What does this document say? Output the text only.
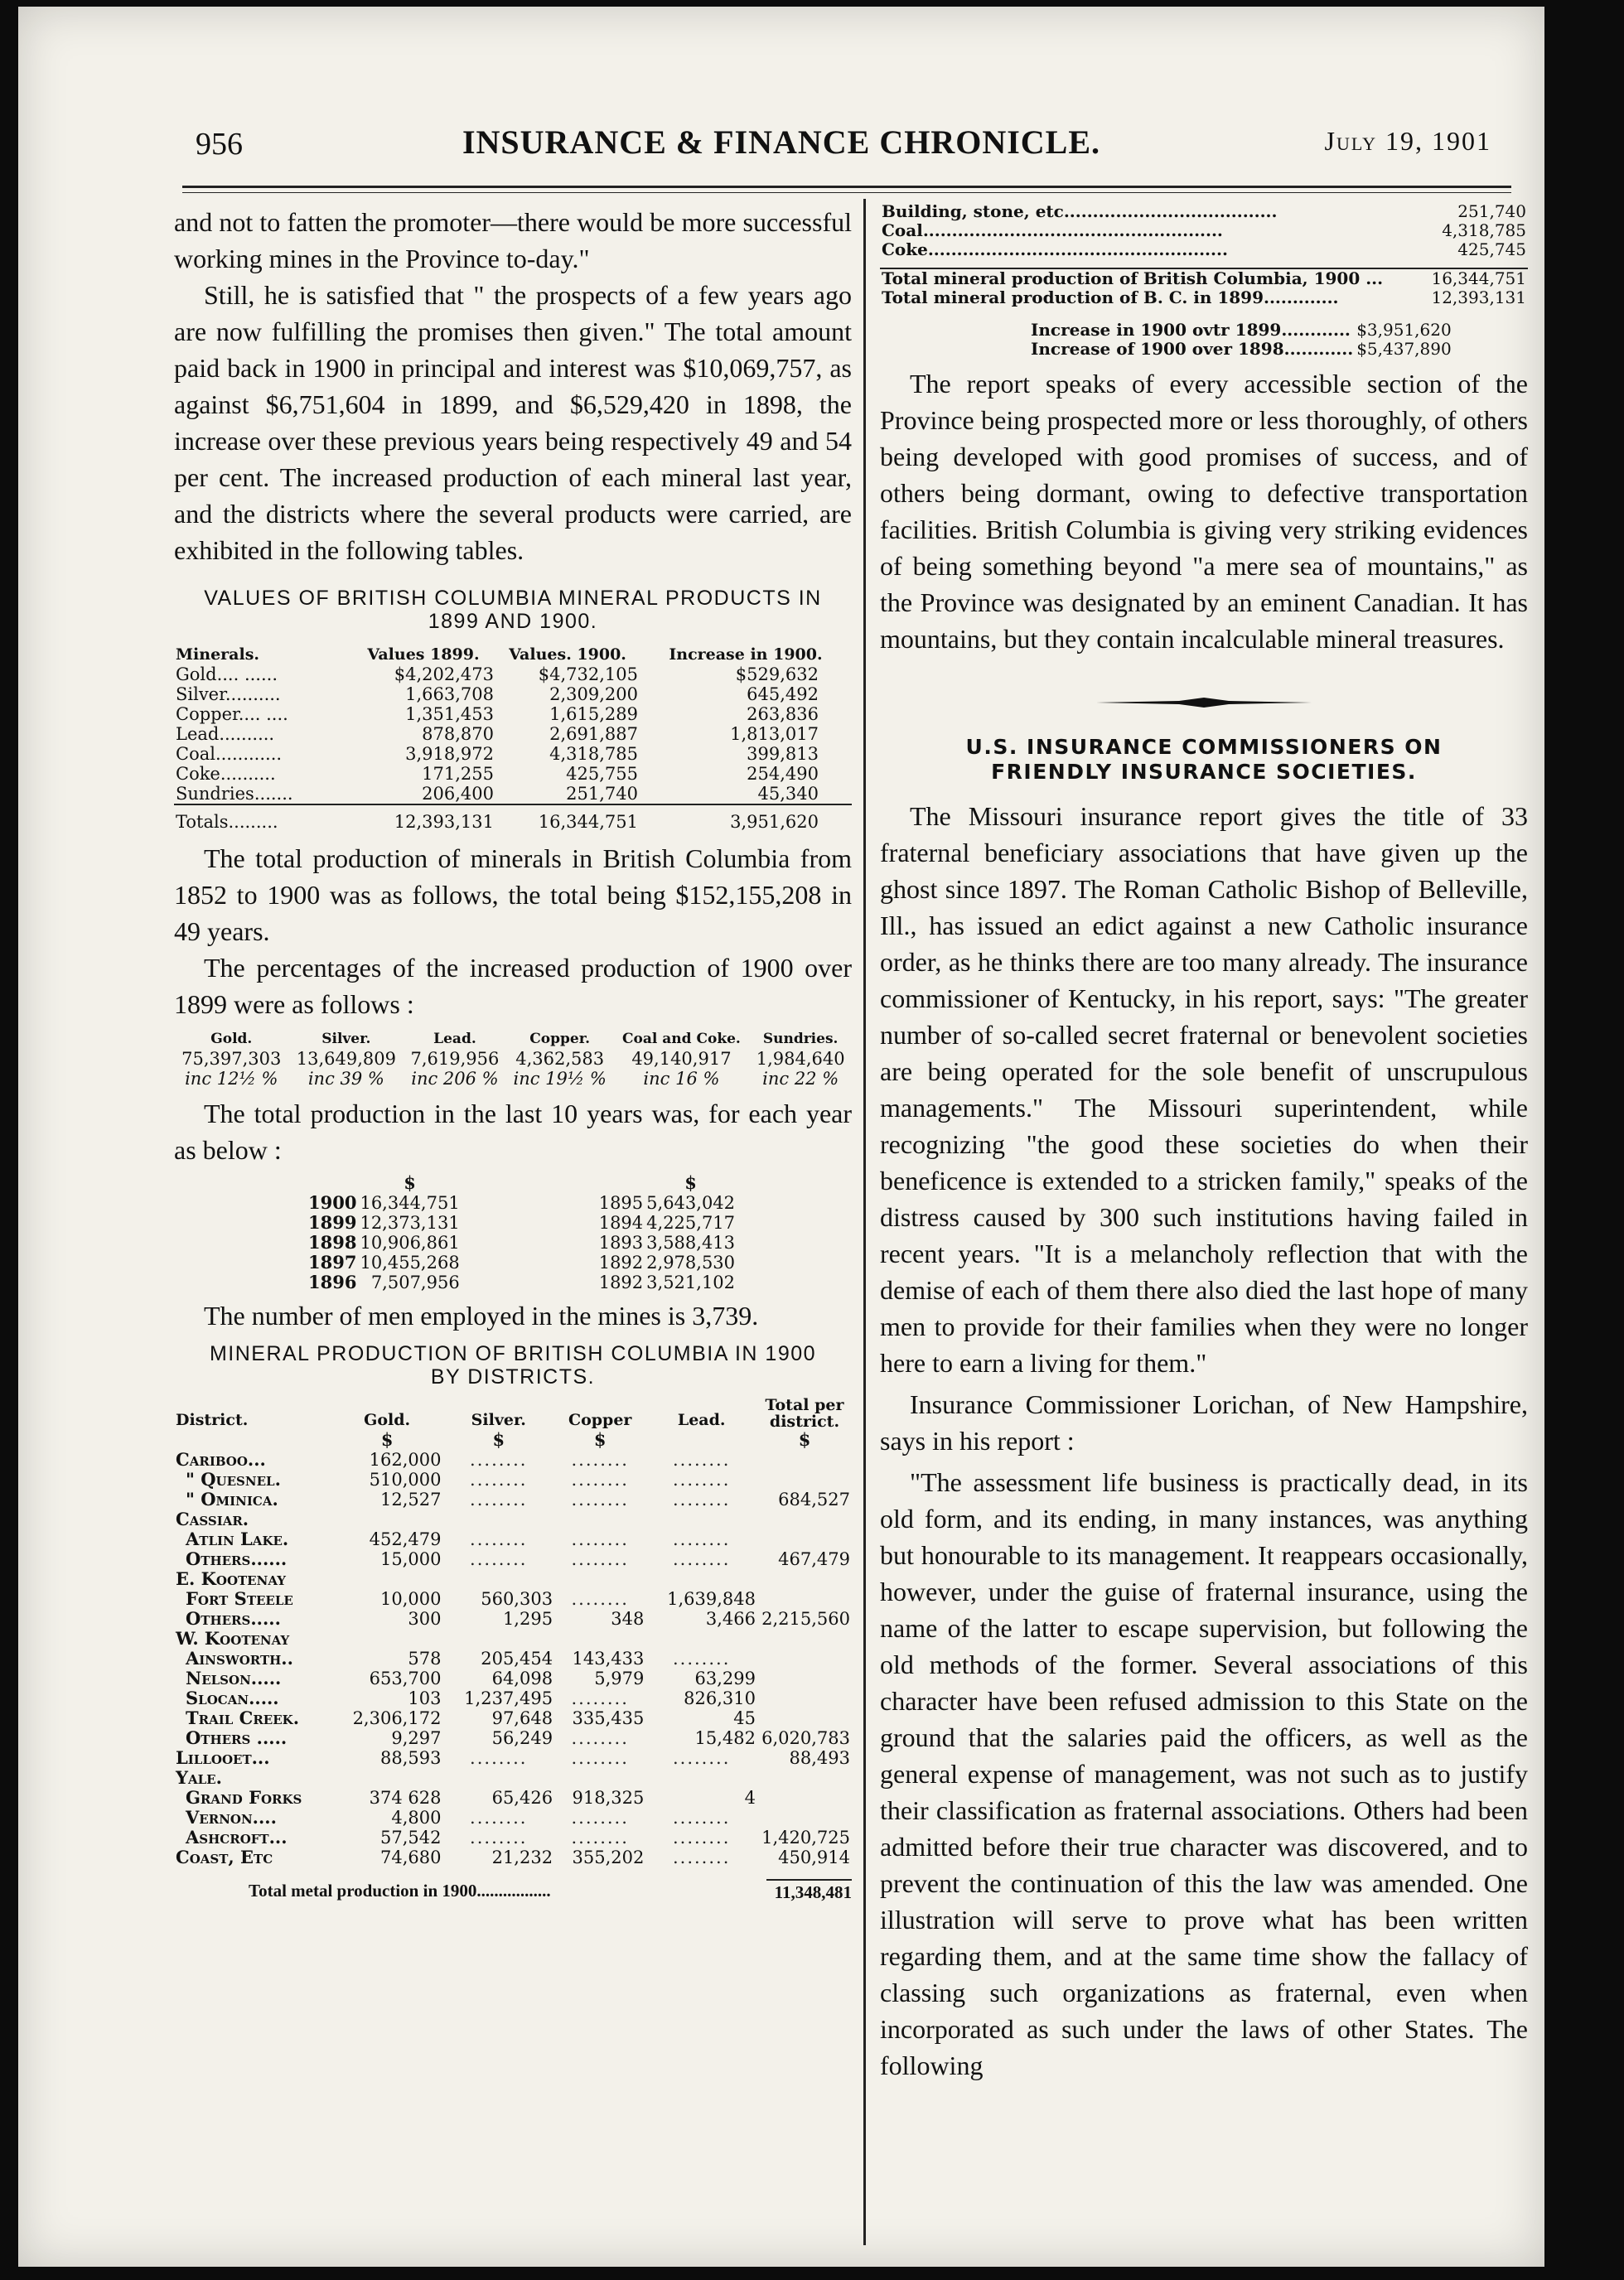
956	INSURANCE & FINANCE CHRONICLE.	July 19, 1901

and not to fatten the promoter—there would be more successful working mines in the Province to-day."

Still, he is satisfied that " the prospects of a few years ago are now fulfilling the promises then given." The total amount paid back in 1900 in principal and interest was $10,069,757, as against $6,751,604 in 1899, and $6,529,420 in 1898, the increase over these previous years being respectively 49 and 54 per cent. The increased production of each mineral last year, and the districts where the several products were carried, are exhibited in the following tables.

VALUES OF BRITISH COLUMBIA MINERAL PRODUCTS IN 1899 AND 1900.
Minerals.	Values 1899.	Values. 1900.	Increase in 1900.
Gold.... ......	$4,202,473	$4,732,105	$529,632
Silver..........	1,663,708	2,309,200	645,492
Copper.... ....	1,351,453	1,615,289	263,836
Lead..........	878,870	2,691,887	1,813,017
Coal............	3,918,972	4,318,785	399,813
Coke..........	171,255	425,755	254,490
Sundries.......	206,400	251,740	45,340
Totals.........	12,393,131	16,344,751	3,951,620

The total production of minerals in British Columbia from 1852 to 1900 was as follows, the total being $152,155,208 in 49 years.

The percentages of the increased production of 1900 over 1899 were as follows :

Gold.	Silver.	Lead.	Copper.	Coal and Coke.	Sundries.
75,397,303	13,649,809	7,619,956	4,362,583	49,140,917	1,984,640
inc 12½ %	inc 39 %	inc 206 %	inc 19½ %	inc 16 %	inc 22 %

The total production in the last 10 years was, for each year as below :

	$			$
1900	16,344,751		1895	5,643,042
1899	12,373,131		1894	4,225,717
1898	10,906,861		1893	3,588,413
1897	10,455,268		1892	2,978,530
1896	7,507,956		1892	3,521,102

The number of men employed in the mines is 3,739.

MINERAL PRODUCTION OF BRITISH COLUMBIA IN 1900 BY DISTRICTS.
District.	Gold.	Silver.	Copper	Lead.	Total per district.
	$	$	$		$
Cariboo...	162,000	........	........	........	
" Quesnel.	510,000	........	........	........	
" Ominica.	12,527	........	........	........	684,527
Cassiar.					
Atlin Lake.	452,479	........	........	........	
Others......	15,000	........	........	........	467,479
E. Kootenay					
Fort Steele	10,000	560,303	........	1,639,848	
Others.....	300	1,295	348	3,466	2,215,560
W. Kootenay					
Ainsworth..	578	205,454	143,433	........	
Nelson.....	653,700	64,098	5,979	63,299	
Slocan.....	103	1,237,495	........	826,310	
Trail Creek.	2,306,172	97,648	335,435	45	
Others .....	9,297	56,249	........	15,482	6,020,783
Lillooet...	88,593	........	........	........	88,493
Yale.					
Grand Forks	374 628	65,426	918,325	4	
Vernon....	4,800	........	........	........	
Ashcroft...	57,542	........	........	........	1,420,725
Coast, Etc	74,680	21,232	355,202	........	450,914
Total metal production in 1900.................	11,348,481
Building, stone, etc.....................................	251,740
Coal....................................................	4,318,785
Coke....................................................	425,745

Total mineral production of British Columbia, 1900 ...	16,344,751
Total mineral production of B. C. in 1899.............	12,393,131
Increase in 1900 ovtr 1899............	$3,951,620
Increase of 1900 over 1898............	$5,437,890

The report speaks of every accessible section of the Province being prospected more or less thoroughly, of others being developed with good promises of success, and of others being dormant, owing to defective transportation facilities. British Columbia is giving very striking evidences of being something beyond "a mere sea of mountains," as the Province was designated by an eminent Canadian. It has mountains, but they contain incalculable mineral treasures.

U.S. INSURANCE COMMISSIONERS ON
FRIENDLY INSURANCE SOCIETIES.

The Missouri insurance report gives the title of 33 fraternal beneficiary associations that have given up the ghost since 1897. The Roman Catholic Bishop of Belleville, Ill., has issued an edict against a new Catholic insurance order, as he thinks there are too many already. The insurance commissioner of Kentucky, in his report, says: "The greater number of so-called secret fraternal or benevolent societies are being operated for the sole benefit of unscrupulous managements." The Missouri superintendent, while recognizing "the good these societies do when their beneficence is extended to a stricken family," speaks of the distress caused by 300 such institutions having failed in recent years. "It is a melancholy reflection that with the demise of each of them there also died the last hope of many men to provide for their families when they were no longer here to earn a living for them."

Insurance Commissioner Lorichan, of New Hampshire, says in his report :

"The assessment life business is practically dead, in its old form, and its ending, in many instances, was anything but honourable to its management. It reappears occasionally, however, under the guise of fraternal insurance, using the name of the latter to escape supervision, but following the old methods of the former. Several associations of this character have been refused admission to this State on the ground that the salaries paid the officers, as well as the general expense of management, was not such as to justify their classification as fraternal associations. Others had been admitted before their true character was discovered, and to prevent the continuation of this the law was amended. One illustration will serve to prove what has been written regarding them, and at the same time show the fallacy of classing such organizations as fraternal, even when incorporated as such under the laws of other States. The following
